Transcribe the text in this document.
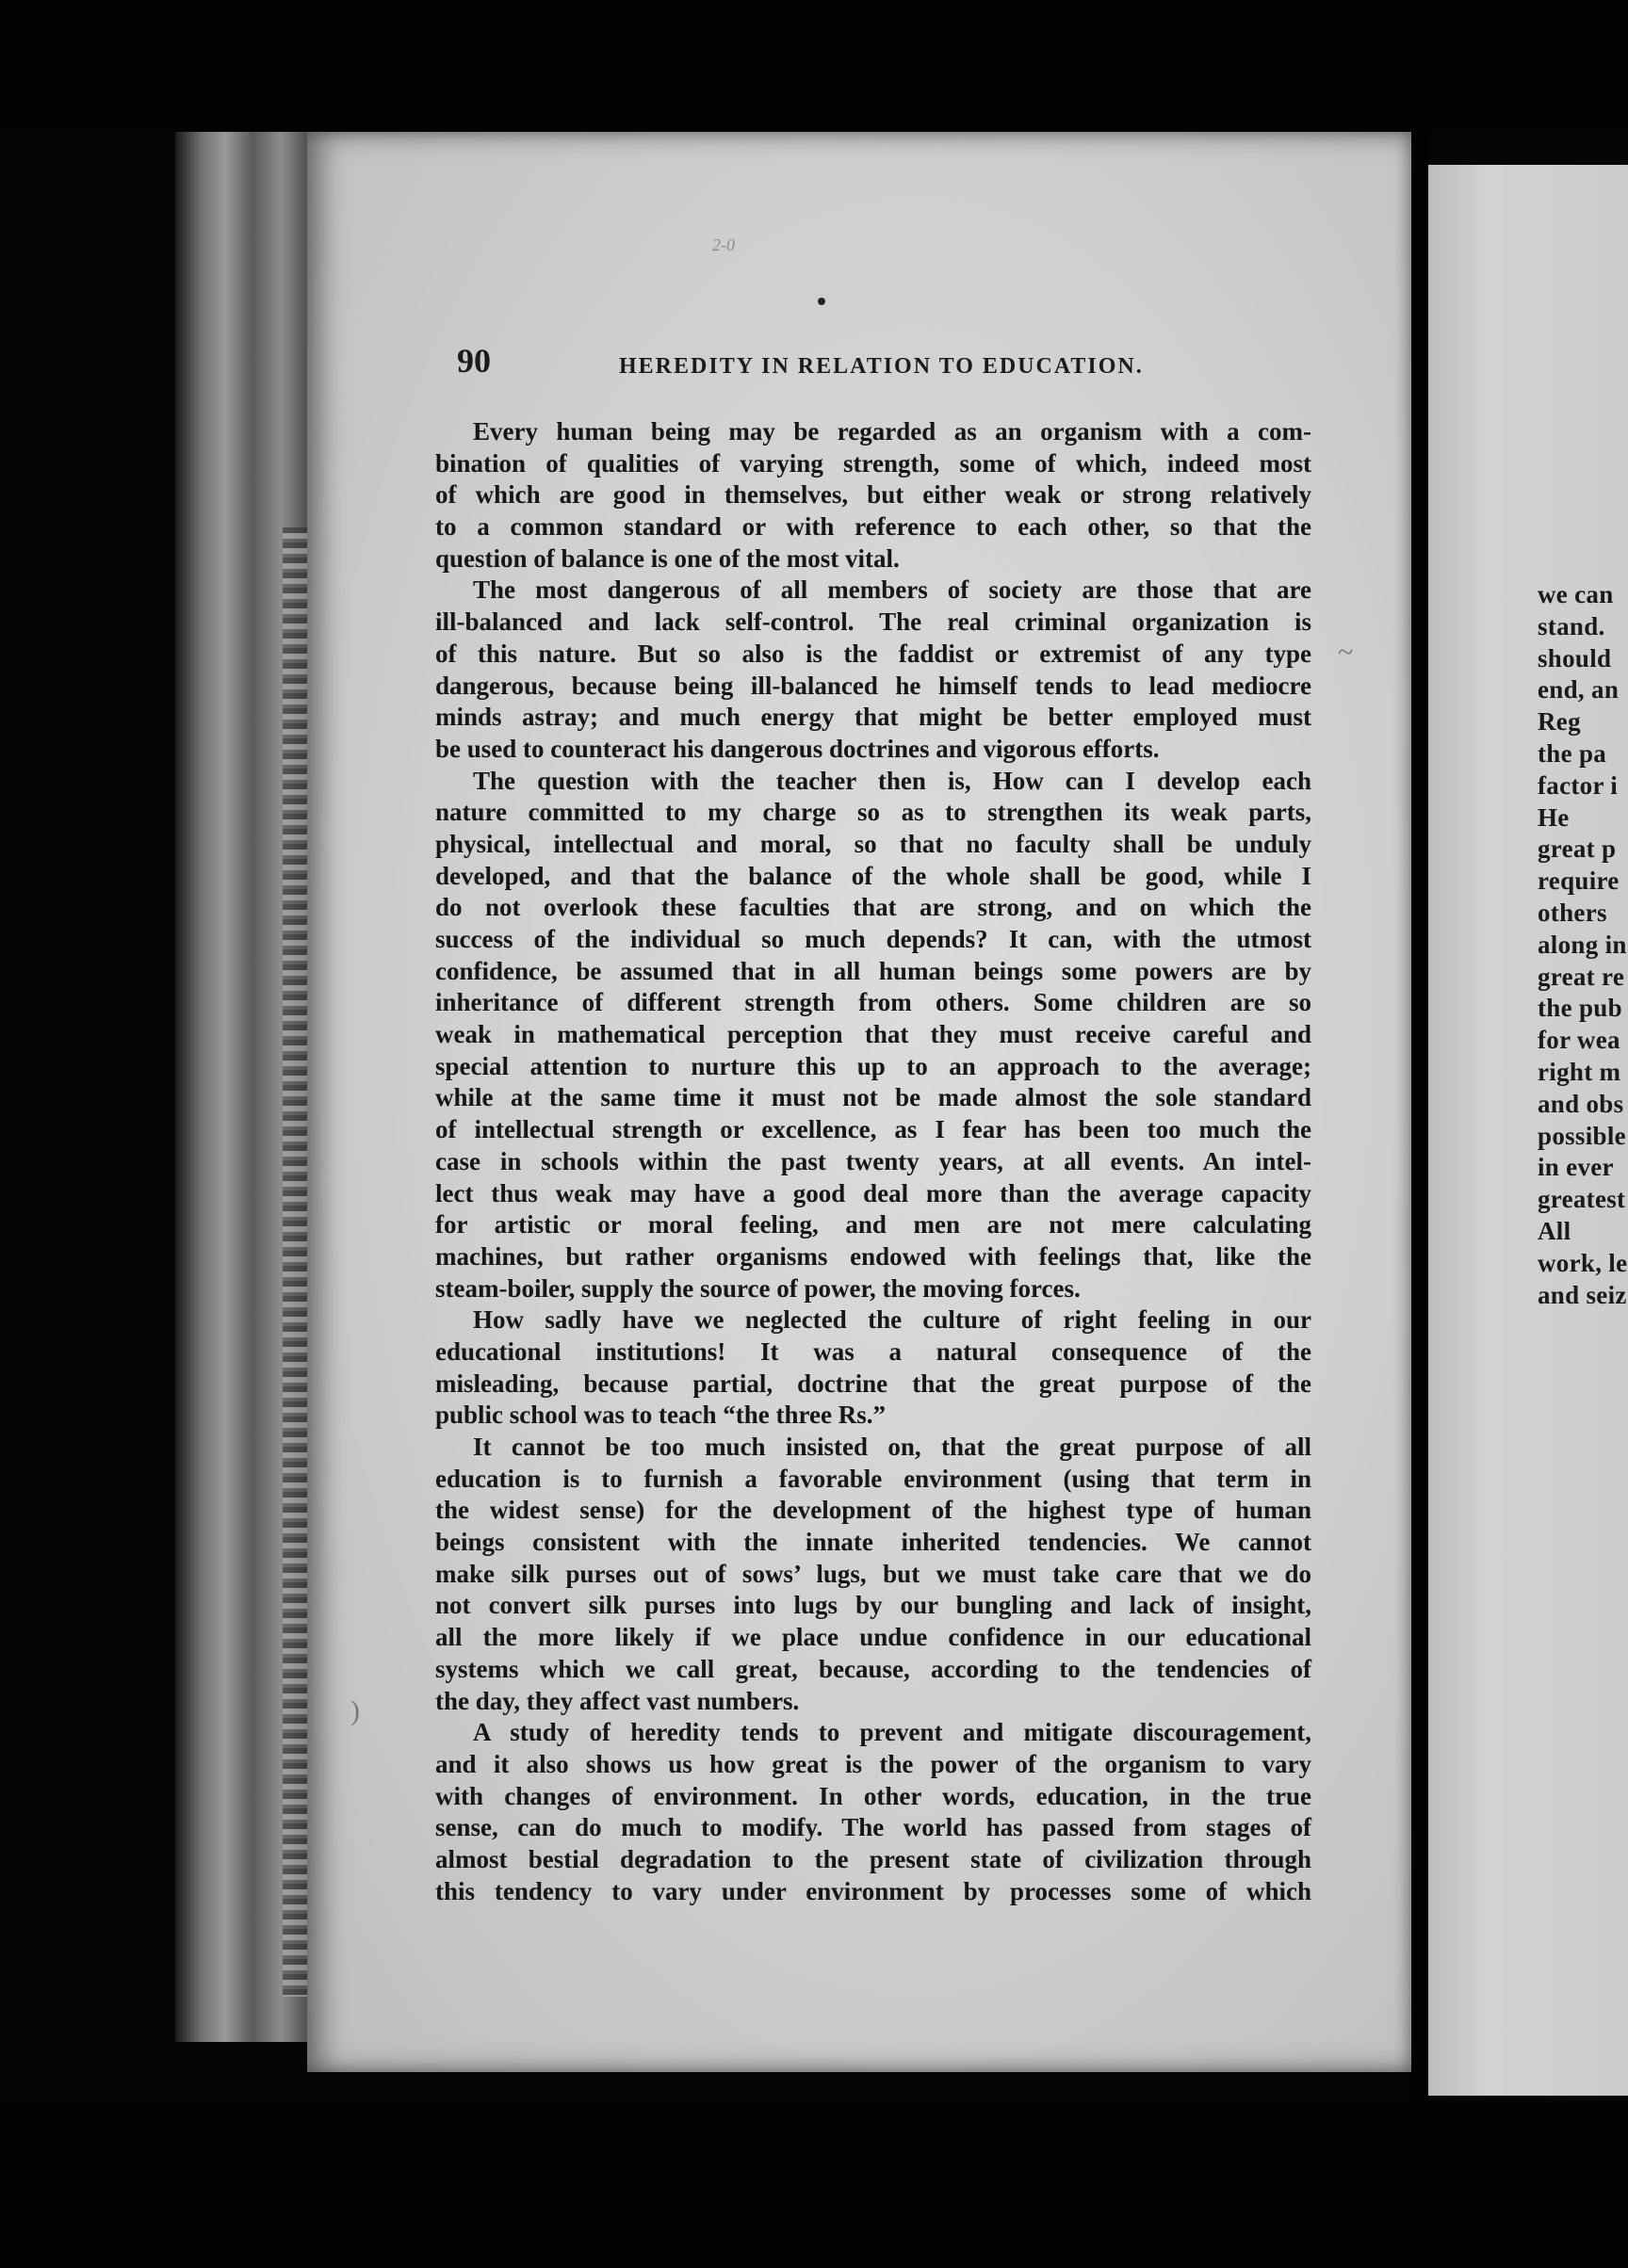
2-0
90	HEREDITY IN RELATION TO EDUCATION.
Every human being may be regarded as an organism with a com-
bination of qualities of varying strength, some of which, indeed most
of which are good in themselves, but either weak or strong relatively
to a common standard or with reference to each other, so that the
question of balance is one of the most vital.
The most dangerous of all members of society are those that are
ill-balanced and lack self-control. The real criminal organization is
of this nature. But so also is the faddist or extremist of any type
dangerous, because being ill-balanced he himself tends to lead mediocre
minds astray; and much energy that might be better employed must
be used to counteract his dangerous doctrines and vigorous efforts.
The question with the teacher then is, How can I develop each
nature committed to my charge so as to strengthen its weak parts,
physical, intellectual and moral, so that no faculty shall be unduly
developed, and that the balance of the whole shall be good, while I
do not overlook these faculties that are strong, and on which the
success of the individual so much depends? It can, with the utmost
confidence, be assumed that in all human beings some powers are by
inheritance of different strength from others. Some children are so
weak in mathematical perception that they must receive careful and
special attention to nurture this up to an approach to the average;
while at the same time it must not be made almost the sole standard
of intellectual strength or excellence, as I fear has been too much the
case in schools within the past twenty years, at all events. An intel-
lect thus weak may have a good deal more than the average capacity
for artistic or moral feeling, and men are not mere calculating
machines, but rather organisms endowed with feelings that, like the
steam-boiler, supply the source of power, the moving forces.
How sadly have we neglected the culture of right feeling in our
educational institutions! It was a natural consequence of the
misleading, because partial, doctrine that the great purpose of the
public school was to teach “the three Rs.”
It cannot be too much insisted on, that the great purpose of all
education is to furnish a favorable environment (using that term in
the widest sense) for the development of the highest type of human
beings consistent with the innate inherited tendencies. We cannot
make silk purses out of sows’ lugs, but we must take care that we do
not convert silk purses into lugs by our bungling and lack of insight,
all the more likely if we place undue confidence in our educational
systems which we call great, because, according to the tendencies of
the day, they affect vast numbers.
A study of heredity tends to prevent and mitigate discouragement,
and it also shows us how great is the power of the organism to vary
with changes of environment. In other words, education, in the true
sense, can do much to modify. The world has passed from stages of
almost bestial degradation to the present state of civilization through
this tendency to vary under environment by processes some of which
~
)
we can
stand.
should
end, an
Reg
the pa
factor i
He
great p
require
others
along in
great re
the pub
for wea
right m
and obs
possible
in ever
greatest
All
work, le
and seiz
